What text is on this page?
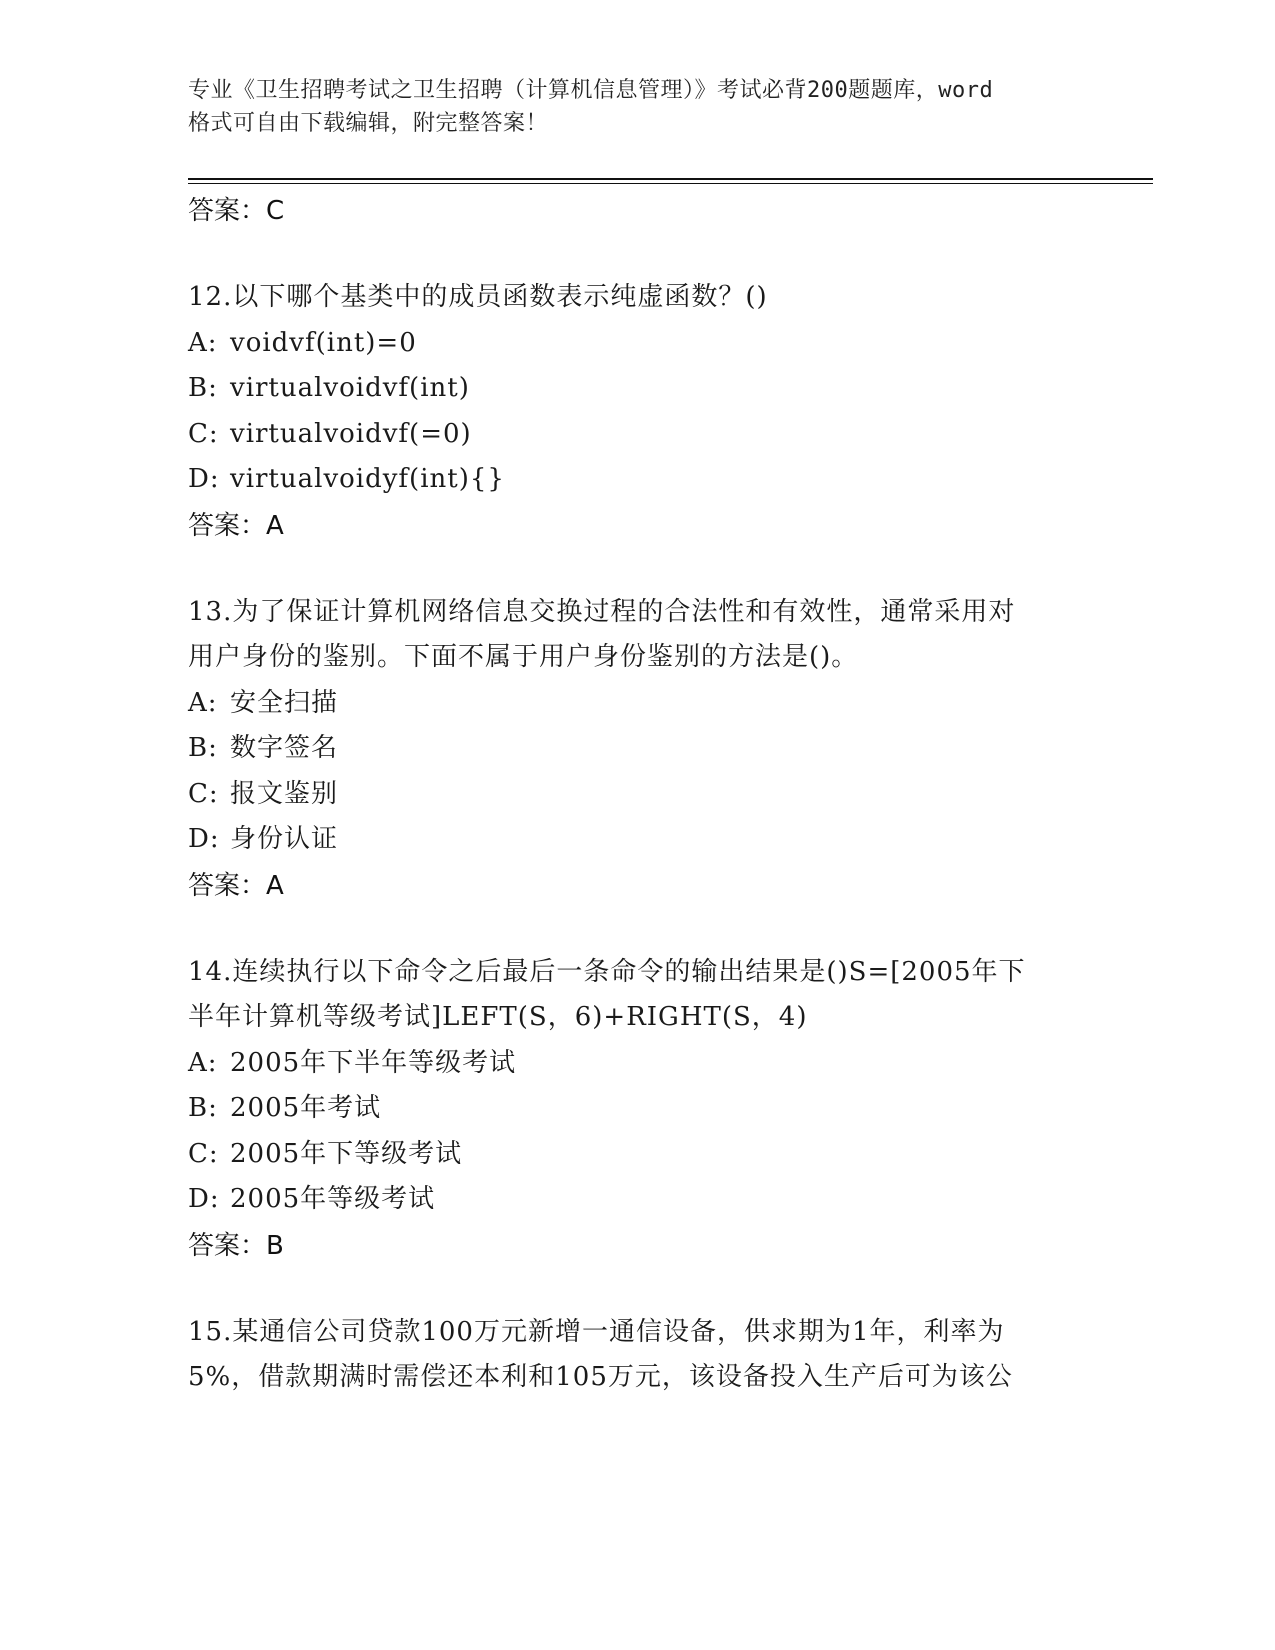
专业《卫生招聘考试之卫生招聘（计算机信息管理）》考试必背200题题库，word
格式可自由下载编辑，附完整答案！
答案：C
12.以下哪个基类中的成员函数表示纯虚函数？()
A: voidvf(int)=0
B: virtualvoidvf(int)
C: virtualvoidvf(=0)
D: virtualvoidyf(int){}
答案：A
13.为了保证计算机网络信息交换过程的合法性和有效性，通常采用对
用户身份的鉴别。下面不属于用户身份鉴别的方法是()。
A: 安全扫描
B: 数字签名
C: 报文鉴别
D: 身份认证
答案：A
14.连续执行以下命令之后最后一条命令的输出结果是()S=[2005年下
半年计算机等级考试]LEFT(S，6)+RIGHT(S，4)
A: 2005年下半年等级考试
B: 2005年考试
C: 2005年下等级考试
D: 2005年等级考试
答案：B
15.某通信公司贷款100万元新增一通信设备，供求期为1年，利率为
5%，借款期满时需偿还本利和105万元，该设备投入生产后可为该公
